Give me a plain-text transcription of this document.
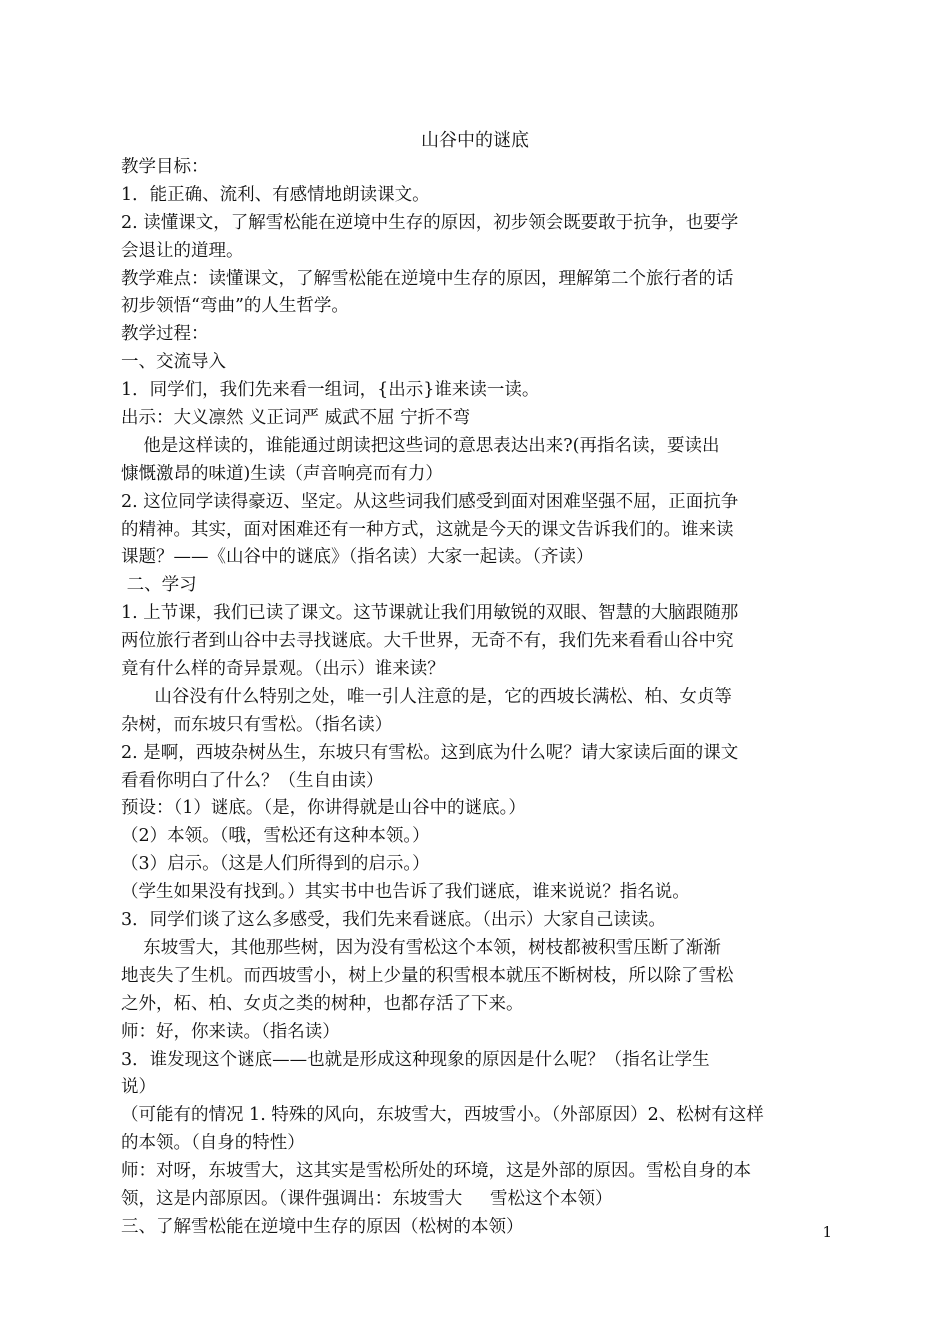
山谷中的谜底
教学目标：
1．能正确、流利、有感情地朗读课文。
2. 读懂课文，了解雪松能在逆境中生存的原因，初步领会既要敢于抗争，也要学
会退让的道理。
教学难点：读懂课文，了解雪松能在逆境中生存的原因，理解第二个旅行者的话
初步领悟“弯曲”的人生哲学。
教学过程：
一、交流导入
1．同学们，我们先来看一组词，{出示}谁来读一读。
出示：大义凛然 义正词严 威武不屈 宁折不弯
他是这样读的，谁能通过朗读把这些词的意思表达出来?(再指名读，要读出
慷慨激昂的味道)生读（声音响亮而有力）
2. 这位同学读得豪迈、坚定。从这些词我们感受到面对困难坚强不屈，正面抗争
的精神。其实，面对困难还有一种方式，这就是今天的课文告诉我们的。谁来读
课题？——《山谷中的谜底》（指名读）大家一起读。（齐读）
二、学习
1. 上节课，我们已读了课文。这节课就让我们用敏锐的双眼、智慧的大脑跟随那
两位旅行者到山谷中去寻找谜底。大千世界，无奇不有，我们先来看看山谷中究
竟有什么样的奇异景观。（出示）谁来读？
山谷没有什么特别之处，唯一引人注意的是，它的西坡长满松、柏、女贞等
杂树，而东坡只有雪松。（指名读）
2. 是啊，西坡杂树丛生，东坡只有雪松。这到底为什么呢？请大家读后面的课文
看看你明白了什么？（生自由读）
预设：（1）谜底。（是，你讲得就是山谷中的谜底。）
（2）本领。（哦，雪松还有这种本领。）
（3）启示。（这是人们所得到的启示。）
（学生如果没有找到。）其实书中也告诉了我们谜底，谁来说说？指名说。
3．同学们谈了这么多感受，我们先来看谜底。（出示）大家自己读读。
东坡雪大，其他那些树，因为没有雪松这个本领，树枝都被积雪压断了渐渐
地丧失了生机。而西坡雪小，树上少量的积雪根本就压不断树枝，所以除了雪松
之外，柘、柏、女贞之类的树种，也都存活了下来。
师：好，你来读。（指名读）
3．谁发现这个谜底——也就是形成这种现象的原因是什么呢？（指名让学生
说）
（可能有的情况 1. 特殊的风向，东坡雪大，西坡雪小。（外部原因）2、松树有这样
的本领。（自身的特性）
师：对呀，东坡雪大，这其实是雪松所处的环境，这是外部的原因。雪松自身的本
领，这是内部原因。（课件强调出：东坡雪大     雪松这个本领）
三、了解雪松能在逆境中生存的原因（松树的本领）	1
